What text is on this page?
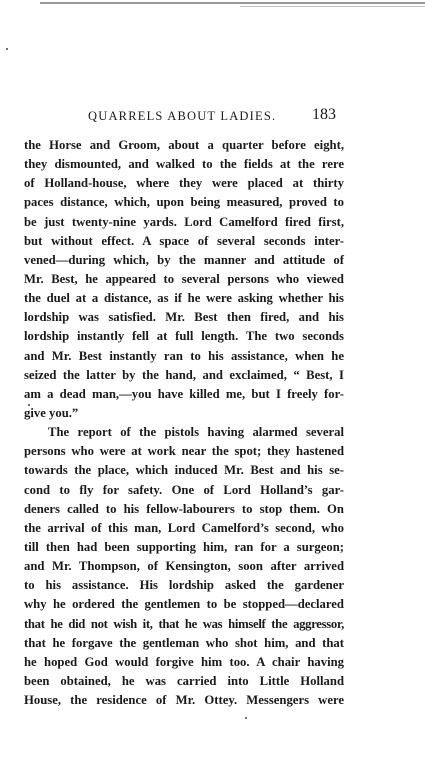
QUARRELS ABOUT LADIES. 183
the Horse and Groom, about a quarter before eight,
they dismounted, and walked to the fields at the rere
of Holland-house, where they were placed at thirty
paces distance, which, upon being measured, proved to
be just twenty-nine yards. Lord Camelford fired first,
but without effect. A space of several seconds inter-
vened—during which, by the manner and attitude of
Mr. Best, he appeared to several persons who viewed
the duel at a distance, as if he were asking whether his
lordship was satisfied. Mr. Best then fired, and his
lordship instantly fell at full length. The two seconds
and Mr. Best instantly ran to his assistance, when he
seized the latter by the hand, and exclaimed, “ Best, I
am a dead man,—you have killed me, but I freely for-
give you.”
The report of the pistols having alarmed several
persons who were at work near the spot; they hastened
towards the place, which induced Mr. Best and his se-
cond to fly for safety. One of Lord Holland’s gar-
deners called to his fellow-labourers to stop them. On
the arrival of this man, Lord Camelford’s second, who
till then had been supporting him, ran for a surgeon;
and Mr. Thompson, of Kensington, soon after arrived
to his assistance. His lordship asked the gardener
why he ordered the gentlemen to be stopped—declared
that he did not wish it, that he was himself the aggressor,
that he forgave the gentleman who shot him, and that
he hoped God would forgive him too. A chair having
been obtained, he was carried into Little Holland
House, the residence of Mr. Ottey. Messengers were
